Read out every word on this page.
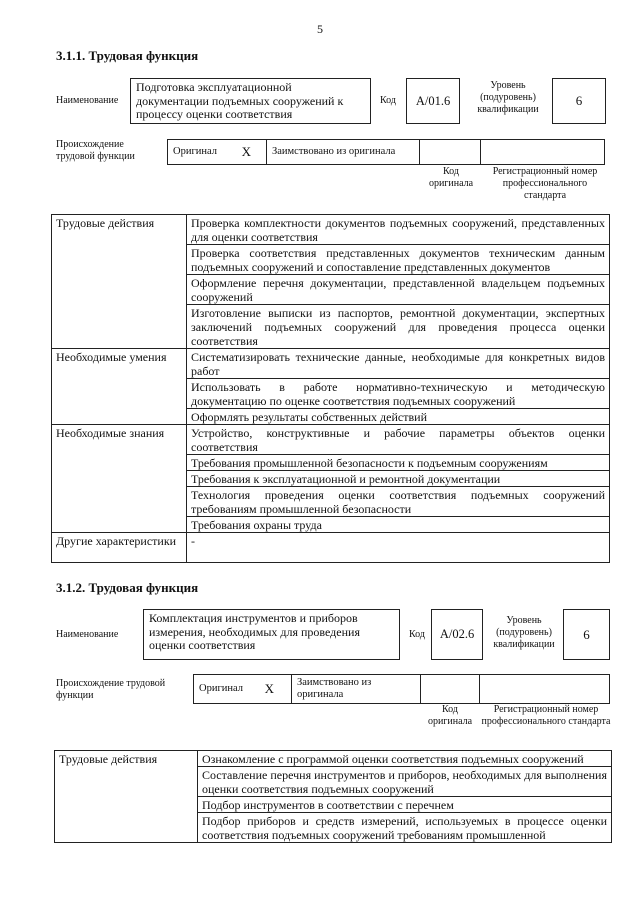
5
3.1.1. Трудовая функция
Наименование
Подготовка эксплуатационной документации подъемных сооружений к процессу оценки соответствия
Код	A/01.6
Уровень (подуровень) квалификации
6
Происхождение трудовой функции	Оригинал X	Заимствовано из оригинала
Код оригинала
Регистрационный номер профессионального стандарта
Трудовые действия	Проверка комплектности документов подъемных сооружений, представленных для оценки соответствия
	Проверка соответствия представленных документов техническим данным подъемных сооружений и сопоставление представленных документов
	Оформление перечня документации, представленной владельцем подъемных сооружений
	Изготовление выписки из паспортов, ремонтной документации, экспертных заключений подъемных сооружений для проведения процесса оценки соответствия
Необходимые умения	Систематизировать технические данные, необходимые для конкретных видов работ
	Использовать в работе нормативно-техническую и методическую документацию по оценке соответствия подъемных сооружений
	Оформлять результаты собственных действий
Необходимые знания	Устройство, конструктивные и рабочие параметры объектов оценки соответствия
	Требования промышленной безопасности к подъемным сооружениям
	Требования к эксплуатационной и ремонтной документации
	Технология проведения оценки соответствия подъемных сооружений требованиям промышленной безопасности
	Требования охраны труда
Другие характеристики	-
3.1.2. Трудовая функция
Наименование
Комплектация инструментов и приборов измерения, необходимых для проведения оценки соответствия
Код	A/02.6
Уровень (подуровень) квалификации
6
Происхождение трудовой функции
Оригинал X	Заимствовано из оригинала
Код оригинала
Регистрационный номер профессионального стандарта
Трудовые действия	Ознакомление с программой оценки соответствия подъемных сооружений
Составление перечня инструментов и приборов, необходимых для выполнения оценки соответствия подъемных сооружений
Подбор инструментов в соответствии с перечнем
Подбор приборов и средств измерений, используемых в процессе оценки соответствия подъемных сооружений требованиям промышленной
